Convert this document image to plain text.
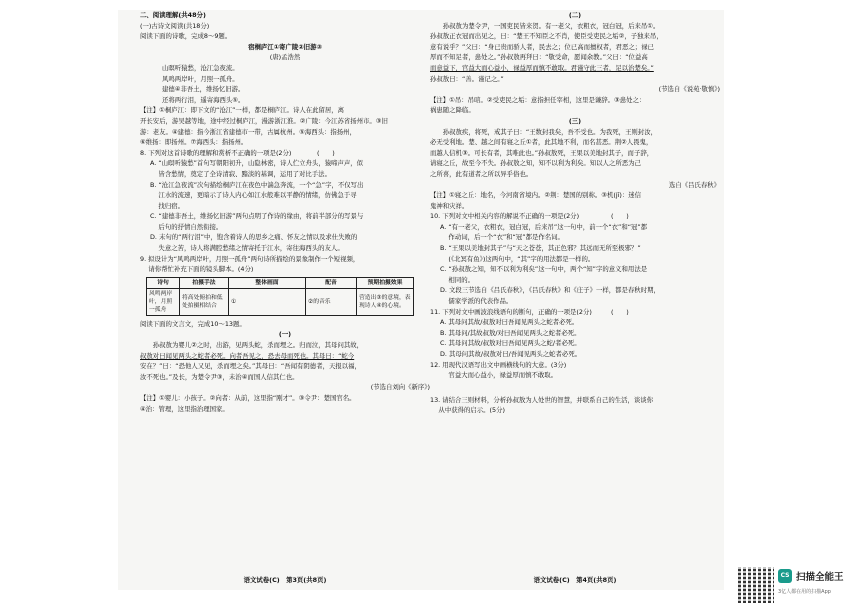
二、阅读理解(共48分)

(一)古诗文阅读(共18分)

阅读下面的诗歌，完成8～9题。

宿桐庐江①寄广陵②旧游③

(唐)孟浩然

山暝听猿愁，沧江急夜流。

风鸣两岸叶，月照一孤舟。

建德④非吾土，维扬忆旧游。

还将两行泪，遥寄海西头⑤。

【注】①桐庐江：即下文的“沧江”一样，都是桐庐江。诗人在此留居，离

开长安后，游吴越等地，途中经过桐庐江，漫游浙江淮。②广陵：今江苏省扬州市。③旧

游：老友。④建德：指今浙江省建德市一带，古属杭州。⑤海西头：指扬州，

⑥维扬：即扬州。⑦海西头：指扬州。

8. 下列对这首诗歌的理解和赏析不正确的一项是(2分)　　　　(　　)

A. “山暝听猿愁”首句写朝阳初升，山隐林密，诗人伫立舟头，猿啼声声，似

　 皆含愁情，奠定了全诗清寂、黯淡的基调，运用了对比手法。

B. “沧江急夜流”次句描绘桐庐江在夜色中湍急奔流，一个“急”字，不仅写出

　 江水的流速，更暗示了诗人内心如江水般难以平静的情绪，仿佛急于寻

　 找归宿。

C. “建德非吾土，维扬忆旧游”两句点明了作诗的缘由，将前半部分的写景与

　 后句的抒情自然衔接。

D. 末句的“两行泪”中，饱含着诗人的思乡之痛、怀友之情以及求仕失败的

　 失意之苦，诗人将满腔愁绪之情寄托于江水，寄往海西头的友人。

9. 拟设计为“风鸣两岸叶，月照一孤舟”两句诗所描绘的景象制作一个短视频，

　 请你帮忙补充下面的镜头脚本。(4分)

诗句	拍摄手法	整体画面	配音	预期拍摄效果
风鸣两岸叶，月照一孤舟	将高处俯拍和低处拍摄相结合	①	②的音乐	营造出③的意境，表现诗人④的心境。

阅读下面的文言文，完成10～13题。

(一)

　　孙叔敖为婴儿②之时，出游，见两头蛇，杀而埋之。归而泣，其母问其故，

叔敖对曰闻见两头之蛇者必死。向者吾见之，恐去母而死也。其母曰：“蛇今

安在？”曰：“恐他人又见，杀而埋之矣。”其母曰：“吾闻有阴德者，天报以福，

汝不死也。”及长，为楚令尹③，未治④而国人信其仁也。

(节选自刘向《新序》)

【注】①婴儿：小孩子。②向者：从前，这里指“刚才”。③令尹：楚国官名。

④治：管理，这里指治理国家。

语文试卷(C)　第3页(共8页)

(二)

　　孙叔敖为楚令尹，一国吏民皆来贺。有一老父，衣粗衣，冠白冠，后来吊①。

孙叔敖正衣冠而出见之，曰：“楚王不知臣之不肖，使臣受吏民之垢②，子独来吊，

意有说乎？”父曰：“身已贵而骄人者，民去之；位已高而擅权者，君恶之；禄已

厚而不知足者，患处之。”孙叔敖再拜曰：“敬受命，愿闻余教。”父曰：“位益高

而意益下，官益大而心益小，禄益厚而慎不敢取。君谨守此三者，足以治楚矣。”

孙叔敖曰：“善。谨记之。”

(节选自《说苑·敬慎》)

【注】①吊：吊唁。②受吏民之垢：意指担任宰相，这里是谦辞。③患处之：

祸患随之降临。

(三)

　　孙叔敖疾，将死，戒其子曰：“王数封我矣，吾不受也。为我死，王则封汝，

必无受利地。楚、越之间有寝之丘①者，此其地不利，而名甚恶。荆②人畏鬼，

而越人信机③。可长有者，其唯此也。”孙叔敖死，王果以美地封其子，而子辞，

请寝之丘，故至今不失。孙叔敖之知，知不以利为利矣。知以人之所恶为己

之所喜，此有道者之所以异乎俗也。

选自《吕氏春秋》

【注】①寝之丘：地名，今河南省境内。②荆：楚国的别称。③机(jī)：迷信

鬼神和灾祥。

10. 下列对文中相关内容的解说不正确的一项是(2分)　　　　　(　　)

A. “有一老父，衣粗衣，冠白冠，后来吊”这一句中，前一个“衣”和“冠”都

　 作动词，后一个“衣”和“冠”都是作名词。

B. “王果以美地封其子”与“天之苍苍，其正色邪？其远而无所至极邪？”

　 (《北冥有鱼》)这两句中，“其”字的用法都是一样的。

C. “孙叔敖之知，知不以利为利矣”这一句中，两个“知”字的意义和用法是

　 相同的。

D. 文段三节选自《吕氏春秋》，《吕氏春秋》和《庄子》一样，都是春秋时期，

　 儒家学派的代表作品。

11. 下列对文中画波浪线语句的断句，正确的一项是(2分)　　　(　　)

A. 其母问其故/叔敖对曰吾闻见两头之蛇者必死。

B. 其母问/其故叔敖/对曰吾闻见两头之蛇者必死。

C. 其母问其故/叔敖对曰吾闻见两头之蛇/者必死。

D. 其母问其故/叔敖对曰/吾闻见两头之蛇者必死。

12. 用现代汉语写出文中画横线句的大意。(3分)

　 官益大而心益小，禄益厚而慎不敢取。

13. 请结合三则材料，分析孙叔敖为人处世的智慧，并联系自己的生活，谈谈你

　 从中获得的启示。(5分)

语文试卷(C)　第4页(共8页)
CS 扫描全能王
3亿人都在用的扫描App
